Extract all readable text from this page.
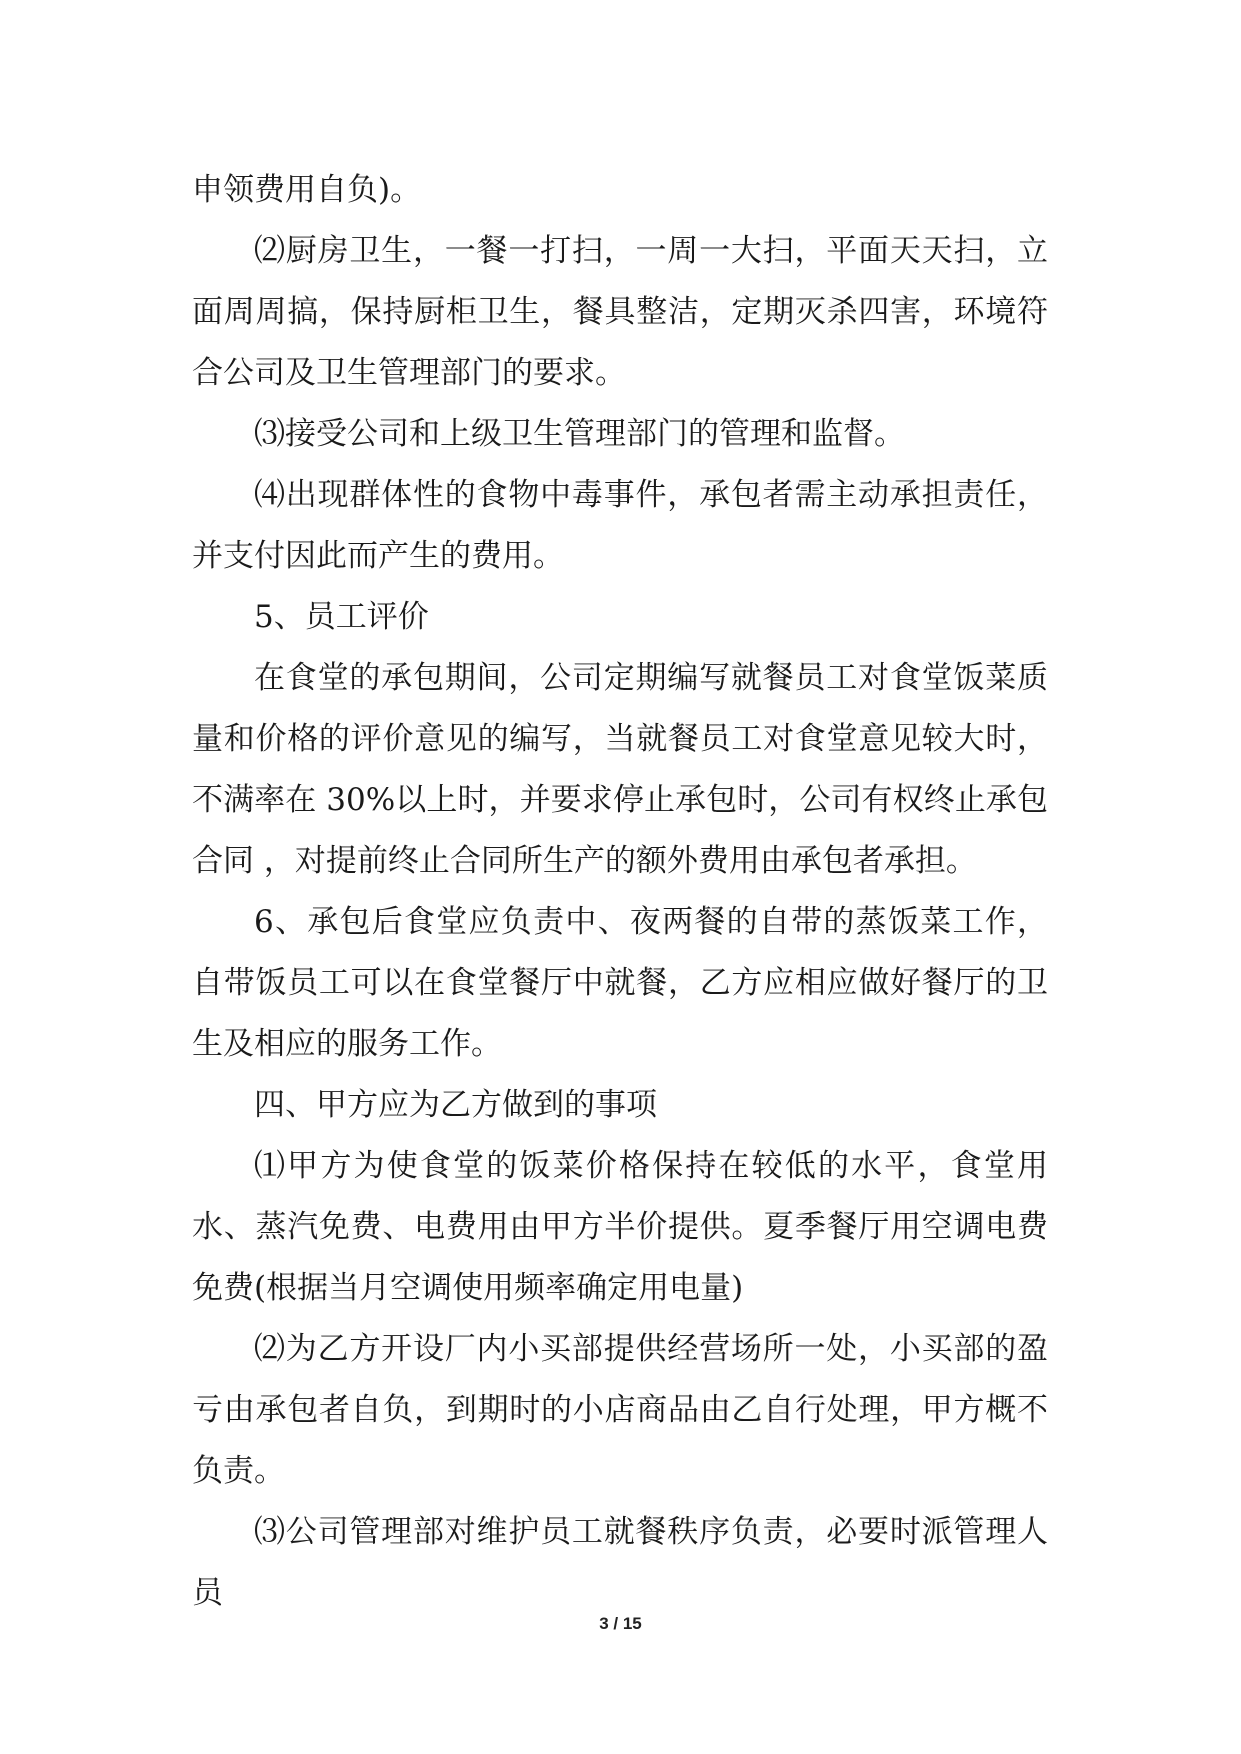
申领费用自负)。

⑵厨房卫生，一餐一打扫，一周一大扫，平面天天扫，立面周周搞，保持厨柜卫生，餐具整洁，定期灭杀四害，环境符合公司及卫生管理部门的要求。

⑶接受公司和上级卫生管理部门的管理和监督。

⑷出现群体性的食物中毒事件，承包者需主动承担责任，并支付因此而产生的费用。

5、员工评价

在食堂的承包期间，公司定期编写就餐员工对食堂饭菜质量和价格的评价意见的编写，当就餐员工对食堂意见较大时，不满率在 30%以上时，并要求停止承包时，公司有权终止承包合同 ，对提前终止合同所生产的额外费用由承包者承担。

6、承包后食堂应负责中、夜两餐的自带的蒸饭菜工作，自带饭员工可以在食堂餐厅中就餐，乙方应相应做好餐厅的卫生及相应的服务工作。

四、甲方应为乙方做到的事项

⑴甲方为使食堂的饭菜价格保持在较低的水平，食堂用水、蒸汽免费、电费用由甲方半价提供。夏季餐厅用空调电费免费(根据当月空调使用频率确定用电量)

⑵为乙方开设厂内小买部提供经营场所一处，小买部的盈亏由承包者自负，到期时的小店商品由乙自行处理，甲方概不负责。

⑶公司管理部对维护员工就餐秩序负责，必要时派管理人员

3 / 15
